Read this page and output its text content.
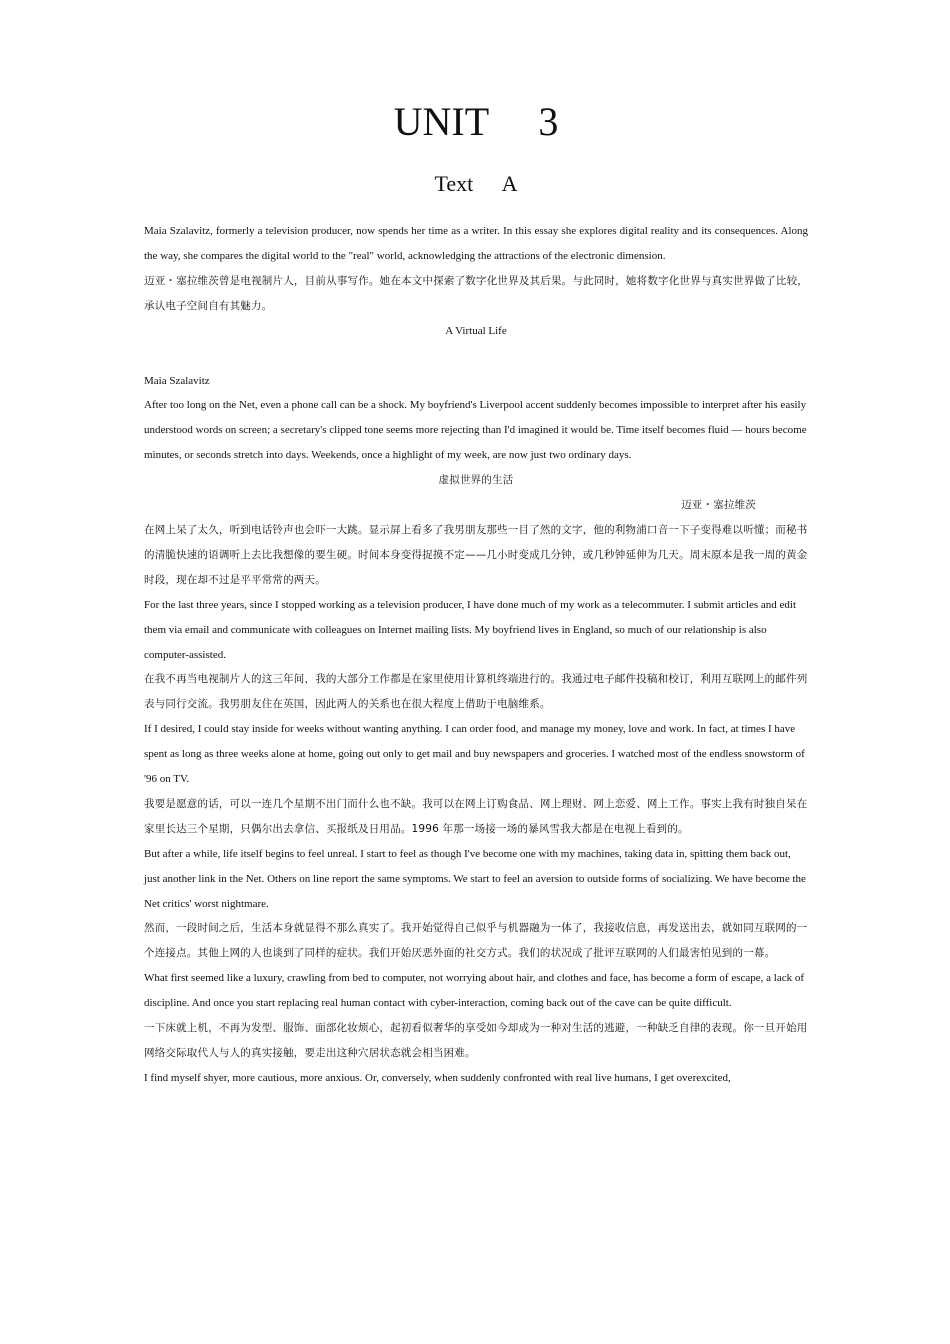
UNIT 3
Text A

Maia Szalavitz, formerly a television producer, now spends her time as a writer. In this essay she explores digital reality and its consequences. Along the way, she compares the digital world to the "real" world, acknowledging the attractions of the electronic dimension.

迈亚・塞拉维茨曾是电视制片人，目前从事写作。她在本文中探索了数字化世界及其后果。与此同时，她将数字化世界与真实世界做了比较，承认电子空间自有其魅力。

A Virtual Life

Maia Szalavitz

After too long on the Net, even a phone call can be a shock. My boyfriend's Liverpool accent suddenly becomes impossible to interpret after his easily understood words on screen; a secretary's clipped tone seems more rejecting than I'd imagined it would be. Time itself becomes fluid — hours become minutes, or seconds stretch into days. Weekends, once a highlight of my week, are now just two ordinary days.

虚拟世界的生活

迈亚・塞拉维茨

在网上呆了太久，听到电话铃声也会吓一大跳。显示屏上看多了我男朋友那些一目了然的文字，他的利物浦口音一下子变得难以听懂；而秘书的清脆快速的语调听上去比我想像的要生硬。时间本身变得捉摸不定——几小时变成几分钟，或几秒钟延伸为几天。周末原本是我一周的黄金时段，现在却不过是平平常常的两天。

For the last three years, since I stopped working as a television producer, I have done much of my work as a telecommuter. I submit articles and edit them via email and communicate with colleagues on Internet mailing lists. My boyfriend lives in England, so much of our relationship is also computer-assisted.

在我不再当电视制片人的这三年间，我的大部分工作都是在家里使用计算机终端进行的。我通过电子邮件投稿和校订，利用互联网上的邮件列表与同行交流。我男朋友住在英国，因此两人的关系也在很大程度上借助于电脑维系。

If I desired, I could stay inside for weeks without wanting anything. I can order food, and manage my money, love and work. In fact, at times I have spent as long as three weeks alone at home, going out only to get mail and buy newspapers and groceries. I watched most of the endless snowstorm of '96 on TV.

我要是愿意的话，可以一连几个星期不出门而什么也不缺。我可以在网上订购食品、网上理财、网上恋爱、网上工作。事实上我有时独自呆在家里长达三个星期，只偶尔出去拿信、买报纸及日用品。1996 年那一场接一场的暴风雪我大都是在电视上看到的。

But after a while, life itself begins to feel unreal. I start to feel as though I've become one with my machines, taking data in, spitting them back out, just another link in the Net. Others on line report the same symptoms. We start to feel an aversion to outside forms of socializing. We have become the Net critics' worst nightmare.

然而，一段时间之后，生活本身就显得不那么真实了。我开始觉得自己似乎与机器融为一体了，我接收信息，再发送出去，就如同互联网的一个连接点。其他上网的人也谈到了同样的症状。我们开始厌恶外面的社交方式。我们的状况成了批评互联网的人们最害怕见到的一幕。

What first seemed like a luxury, crawling from bed to computer, not worrying about hair, and clothes and face, has become a form of escape, a lack of discipline. And once you start replacing real human contact with cyber-interaction, coming back out of the cave can be quite difficult.

一下床就上机，不再为发型、服饰、面部化妆烦心，起初看似奢华的享受如今却成为一种对生活的逃避，一种缺乏自律的表现。你一旦开始用网络交际取代人与人的真实接触，要走出这种穴居状态就会相当困难。

I find myself shyer, more cautious, more anxious. Or, conversely, when suddenly confronted with real live humans, I get overexcited,
